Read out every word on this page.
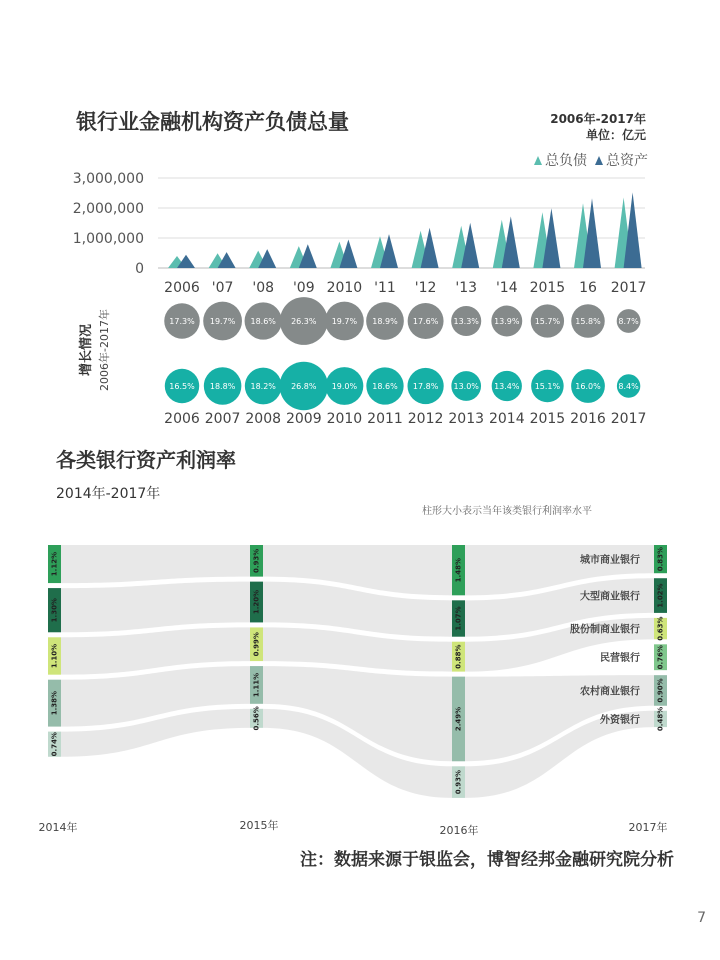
银行业金融机构资产负债总量	2006年-2017年
单位：亿元
总负债 总资产
3,000,000
2,000,000
1,000,000
0
2006 '07 '08 '09 2010 '11 '12 '13 '14 2015 16 2017
增长情况 2006年-2017年	17.3% 19.7% 18.6% 26.3% 19.7% 18.9% 17.6% 13.3% 13.9% 15.7% 15.8% 8.7%
16.5% 18.8% 18.2% 26.8% 19.0% 18.6% 17.8% 13.0% 13.4% 15.1% 16.0% 8.4%
2006 2007 2008 2009 2010 2011 2012 2013 2014 2015 2016 2017
各类银行资产利润率
2014年-2017年
柱形大小表示当年该类银行利润率水平
1.12%
1.30%
1.10%
1.38%
0.74%
0.93%
1.20%
0.99%
1.11%
0.56%
1.48%
1.07%
0.88%
2.49%
0.93%
0.83%
1.02%
0.63%
0.76%
0.90%
0.48%
城市商业银行
大型商业银行
股份制商业银行
民营银行
农村商业银行
外资银行
2014年	2015年	2016年	2017年
注：数据来源于银监会，博智经邦金融研究院分析
7
